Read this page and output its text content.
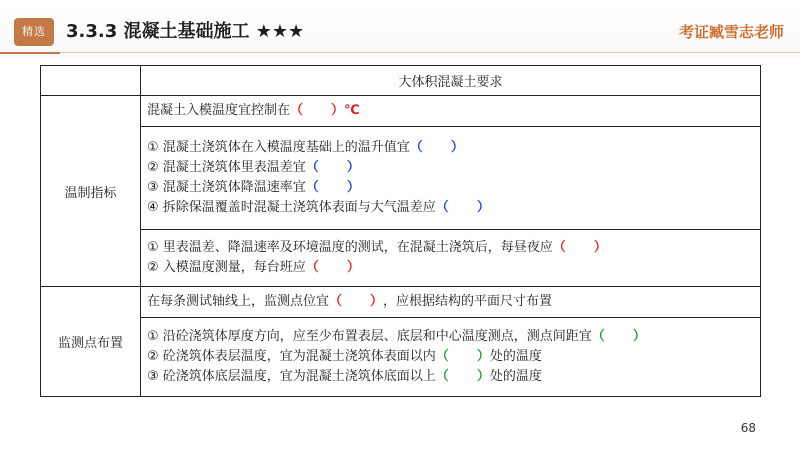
精选	3.3.3 混凝土基础施工 ★★★	考证臧雪志老师
	大体积混凝土要求
温制指标	混凝土入模温度宜控制在（ ）℃

	① 混凝土浇筑体在入模温度基础上的温升值宜（ ）
② 混凝土浇筑体里表温差宜（ ）
③ 混凝土浇筑体降温速率宜（ ）
④ 拆除保温覆盖时混凝土浇筑体表面与大气温差应（ ）

	① 里表温差、降温速率及环境温度的测试，在混凝土浇筑后，每昼夜应（ ）
② 入模温度测量，每台班应（ ）

监测点布置	在每条测试轴线上，监测点位宜（ ），应根据结构的平面尺寸布置

	① 沿砼浇筑体厚度方向，应至少布置表层、底层和中心温度测点，测点间距宜（ ）
② 砼浇筑体表层温度，宜为混凝土浇筑体表面以内（ ）处的温度
③ 砼浇筑体底层温度，宜为混凝土浇筑体底面以上（ ）处的温度
68
